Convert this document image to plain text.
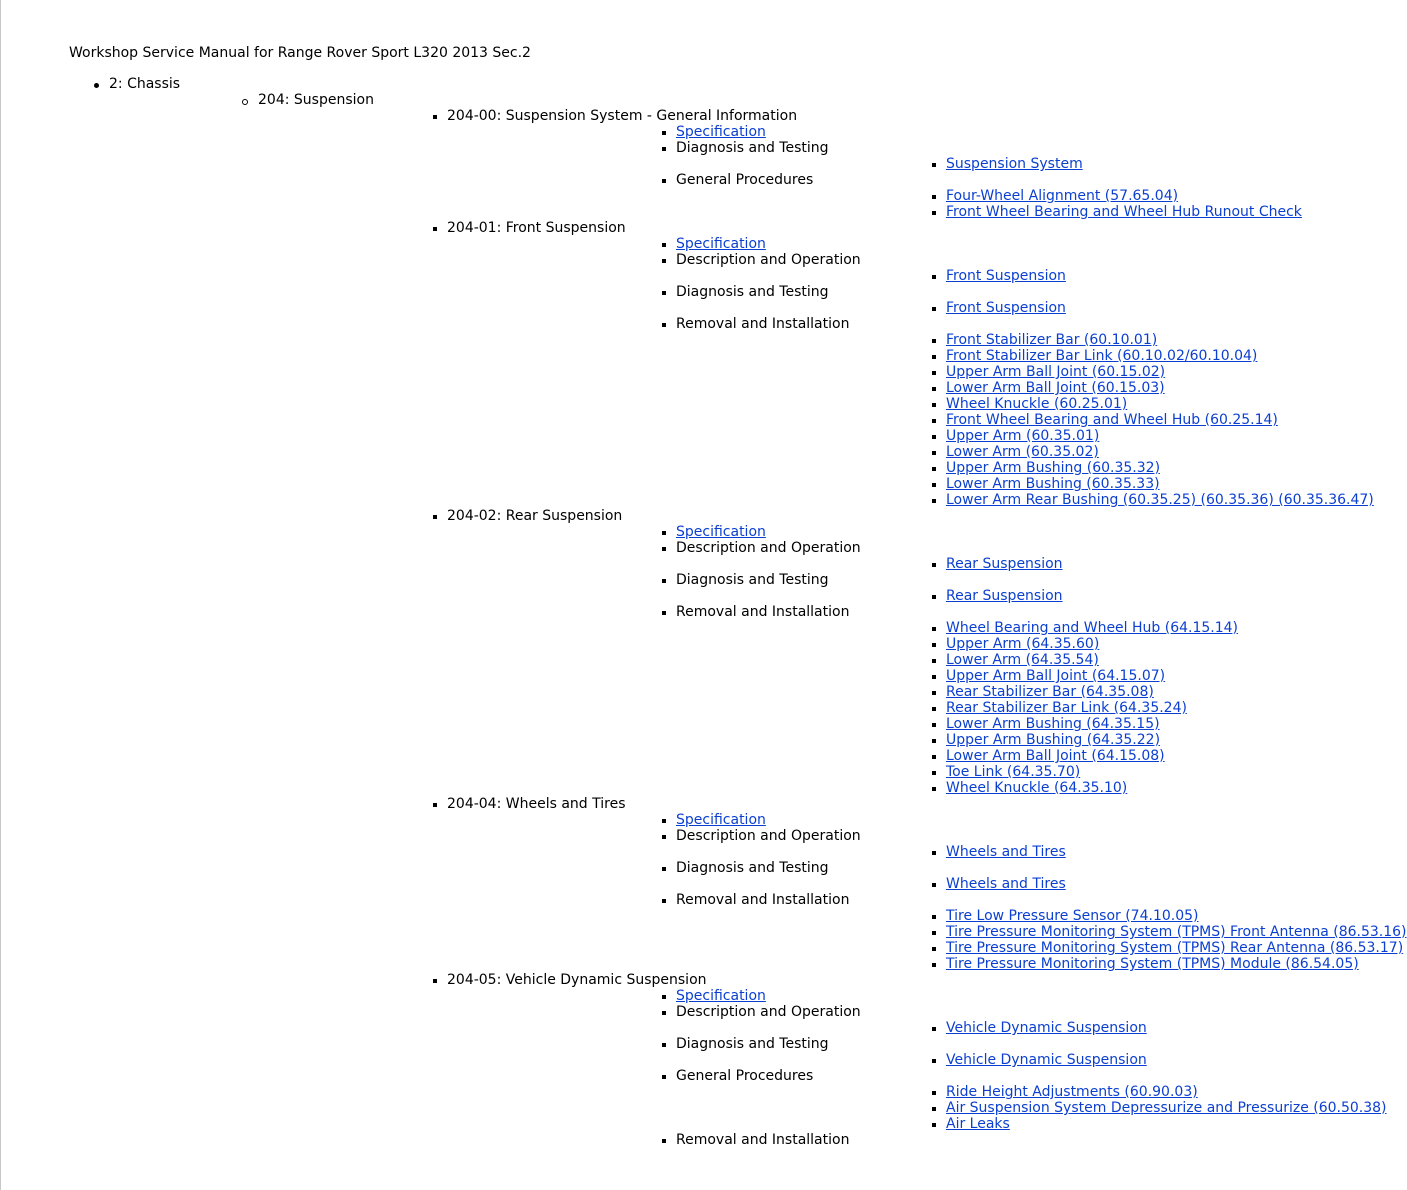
Workshop Service Manual for Range Rover Sport L320 2013 Sec.2
2: Chassis
204: Suspension
204-00: Suspension System - General Information
Specification
Diagnosis and Testing
Suspension System
General Procedures
Four-Wheel Alignment (57.65.04)
Front Wheel Bearing and Wheel Hub Runout Check
204-01: Front Suspension
Specification
Description and Operation
Front Suspension
Diagnosis and Testing
Front Suspension
Removal and Installation
Front Stabilizer Bar (60.10.01)
Front Stabilizer Bar Link (60.10.02/60.10.04)
Upper Arm Ball Joint (60.15.02)
Lower Arm Ball Joint (60.15.03)
Wheel Knuckle (60.25.01)
Front Wheel Bearing and Wheel Hub (60.25.14)
Upper Arm (60.35.01)
Lower Arm (60.35.02)
Upper Arm Bushing (60.35.32)
Lower Arm Bushing (60.35.33)
Lower Arm Rear Bushing (60.35.25) (60.35.36) (60.35.36.47)
204-02: Rear Suspension
Specification
Description and Operation
Rear Suspension
Diagnosis and Testing
Rear Suspension
Removal and Installation
Wheel Bearing and Wheel Hub (64.15.14)
Upper Arm (64.35.60)
Lower Arm (64.35.54)
Upper Arm Ball Joint (64.15.07)
Rear Stabilizer Bar (64.35.08)
Rear Stabilizer Bar Link (64.35.24)
Lower Arm Bushing (64.35.15)
Upper Arm Bushing (64.35.22)
Lower Arm Ball Joint (64.15.08)
Toe Link (64.35.70)
Wheel Knuckle (64.35.10)
204-04: Wheels and Tires
Specification
Description and Operation
Wheels and Tires
Diagnosis and Testing
Wheels and Tires
Removal and Installation
Tire Low Pressure Sensor (74.10.05)
Tire Pressure Monitoring System (TPMS) Front Antenna (86.53.16)
Tire Pressure Monitoring System (TPMS) Rear Antenna (86.53.17)
Tire Pressure Monitoring System (TPMS) Module (86.54.05)
204-05: Vehicle Dynamic Suspension
Specification
Description and Operation
Vehicle Dynamic Suspension
Diagnosis and Testing
Vehicle Dynamic Suspension
General Procedures
Ride Height Adjustments (60.90.03)
Air Suspension System Depressurize and Pressurize (60.50.38)
Air Leaks
Removal and Installation
